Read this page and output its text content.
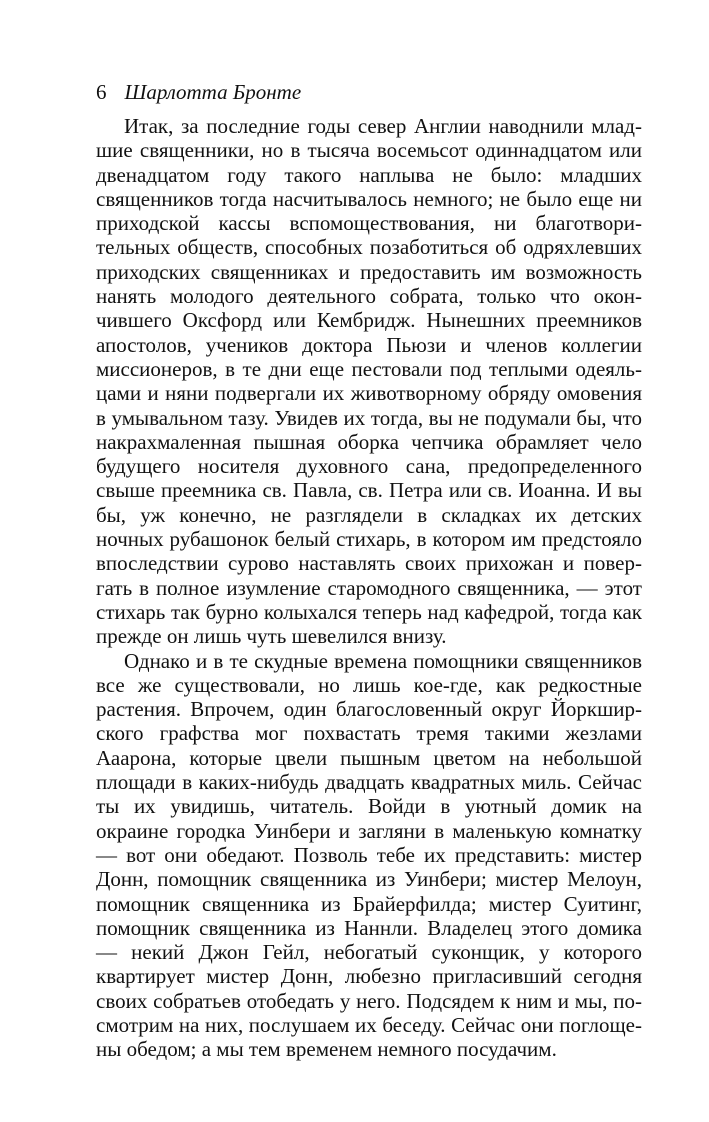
6 Шарлотта Бронте

Итак, за последние годы север Англии наводнили младшие священники, но в тысяча восемьсот одиннадцатом или двенадцатом году такого наплыва не было: младших священников тогда насчитывалось немного; не было еще ни приходской кассы вспомоществования, ни благотворительных обществ, способных позаботиться об одряхлевших приходских священниках и предоставить им возможность нанять молодого деятельного собрата, только что окончившего Оксфорд или Кембридж. Нынешних преемников апостолов, учеников доктора Пьюзи и членов коллегии миссионеров, в те дни еще пестовали под теплыми одеяльцами и няни подвергали их животворному обряду омовения в умывальном тазу. Увидев их тогда, вы не подумали бы, что накрахмаленная пышная оборка чепчика обрамляет чело будущего носителя духовного сана, предопределенного свыше преемника св. Павла, св. Петра или св. Иоанна. И вы бы, уж конечно, не разглядели в складках их детских ночных рубашонок белый стихарь, в котором им предстояло впоследствии сурово наставлять своих прихожан и повергать в полное изумление старомодного священника, — этот стихарь так бурно колыхался теперь над кафедрой, тогда как прежде он лишь чуть шевелился внизу.

Однако и в те скудные времена помощники священников все же существовали, но лишь кое-где, как редкостные растения. Впрочем, один благословенный округ Йоркширского графства мог похвастать тремя такими жезлами Ааарона, которые цвели пышным цветом на небольшой площади в каких-нибудь двадцать квадратных миль. Сейчас ты их увидишь, читатель. Войди в уютный домик на окраине городка Уинбери и загляни в маленькую комнатку — вот они обедают. Позволь тебе их представить: мистер Донн, помощник священника из Уинбери; мистер Мелоун, помощник священника из Брайерфилда; мистер Суитинг, помощник священника из Наннли. Владелец этого домика — некий Джон Гейл, небогатый суконщик, у которого квартирует мистер Донн, любезно пригласивший сегодня своих собратьев отобедать у него. Подсядем к ним и мы, посмотрим на них, послушаем их беседу. Сейчас они поглощены обедом; а мы тем временем немного посудачим.
